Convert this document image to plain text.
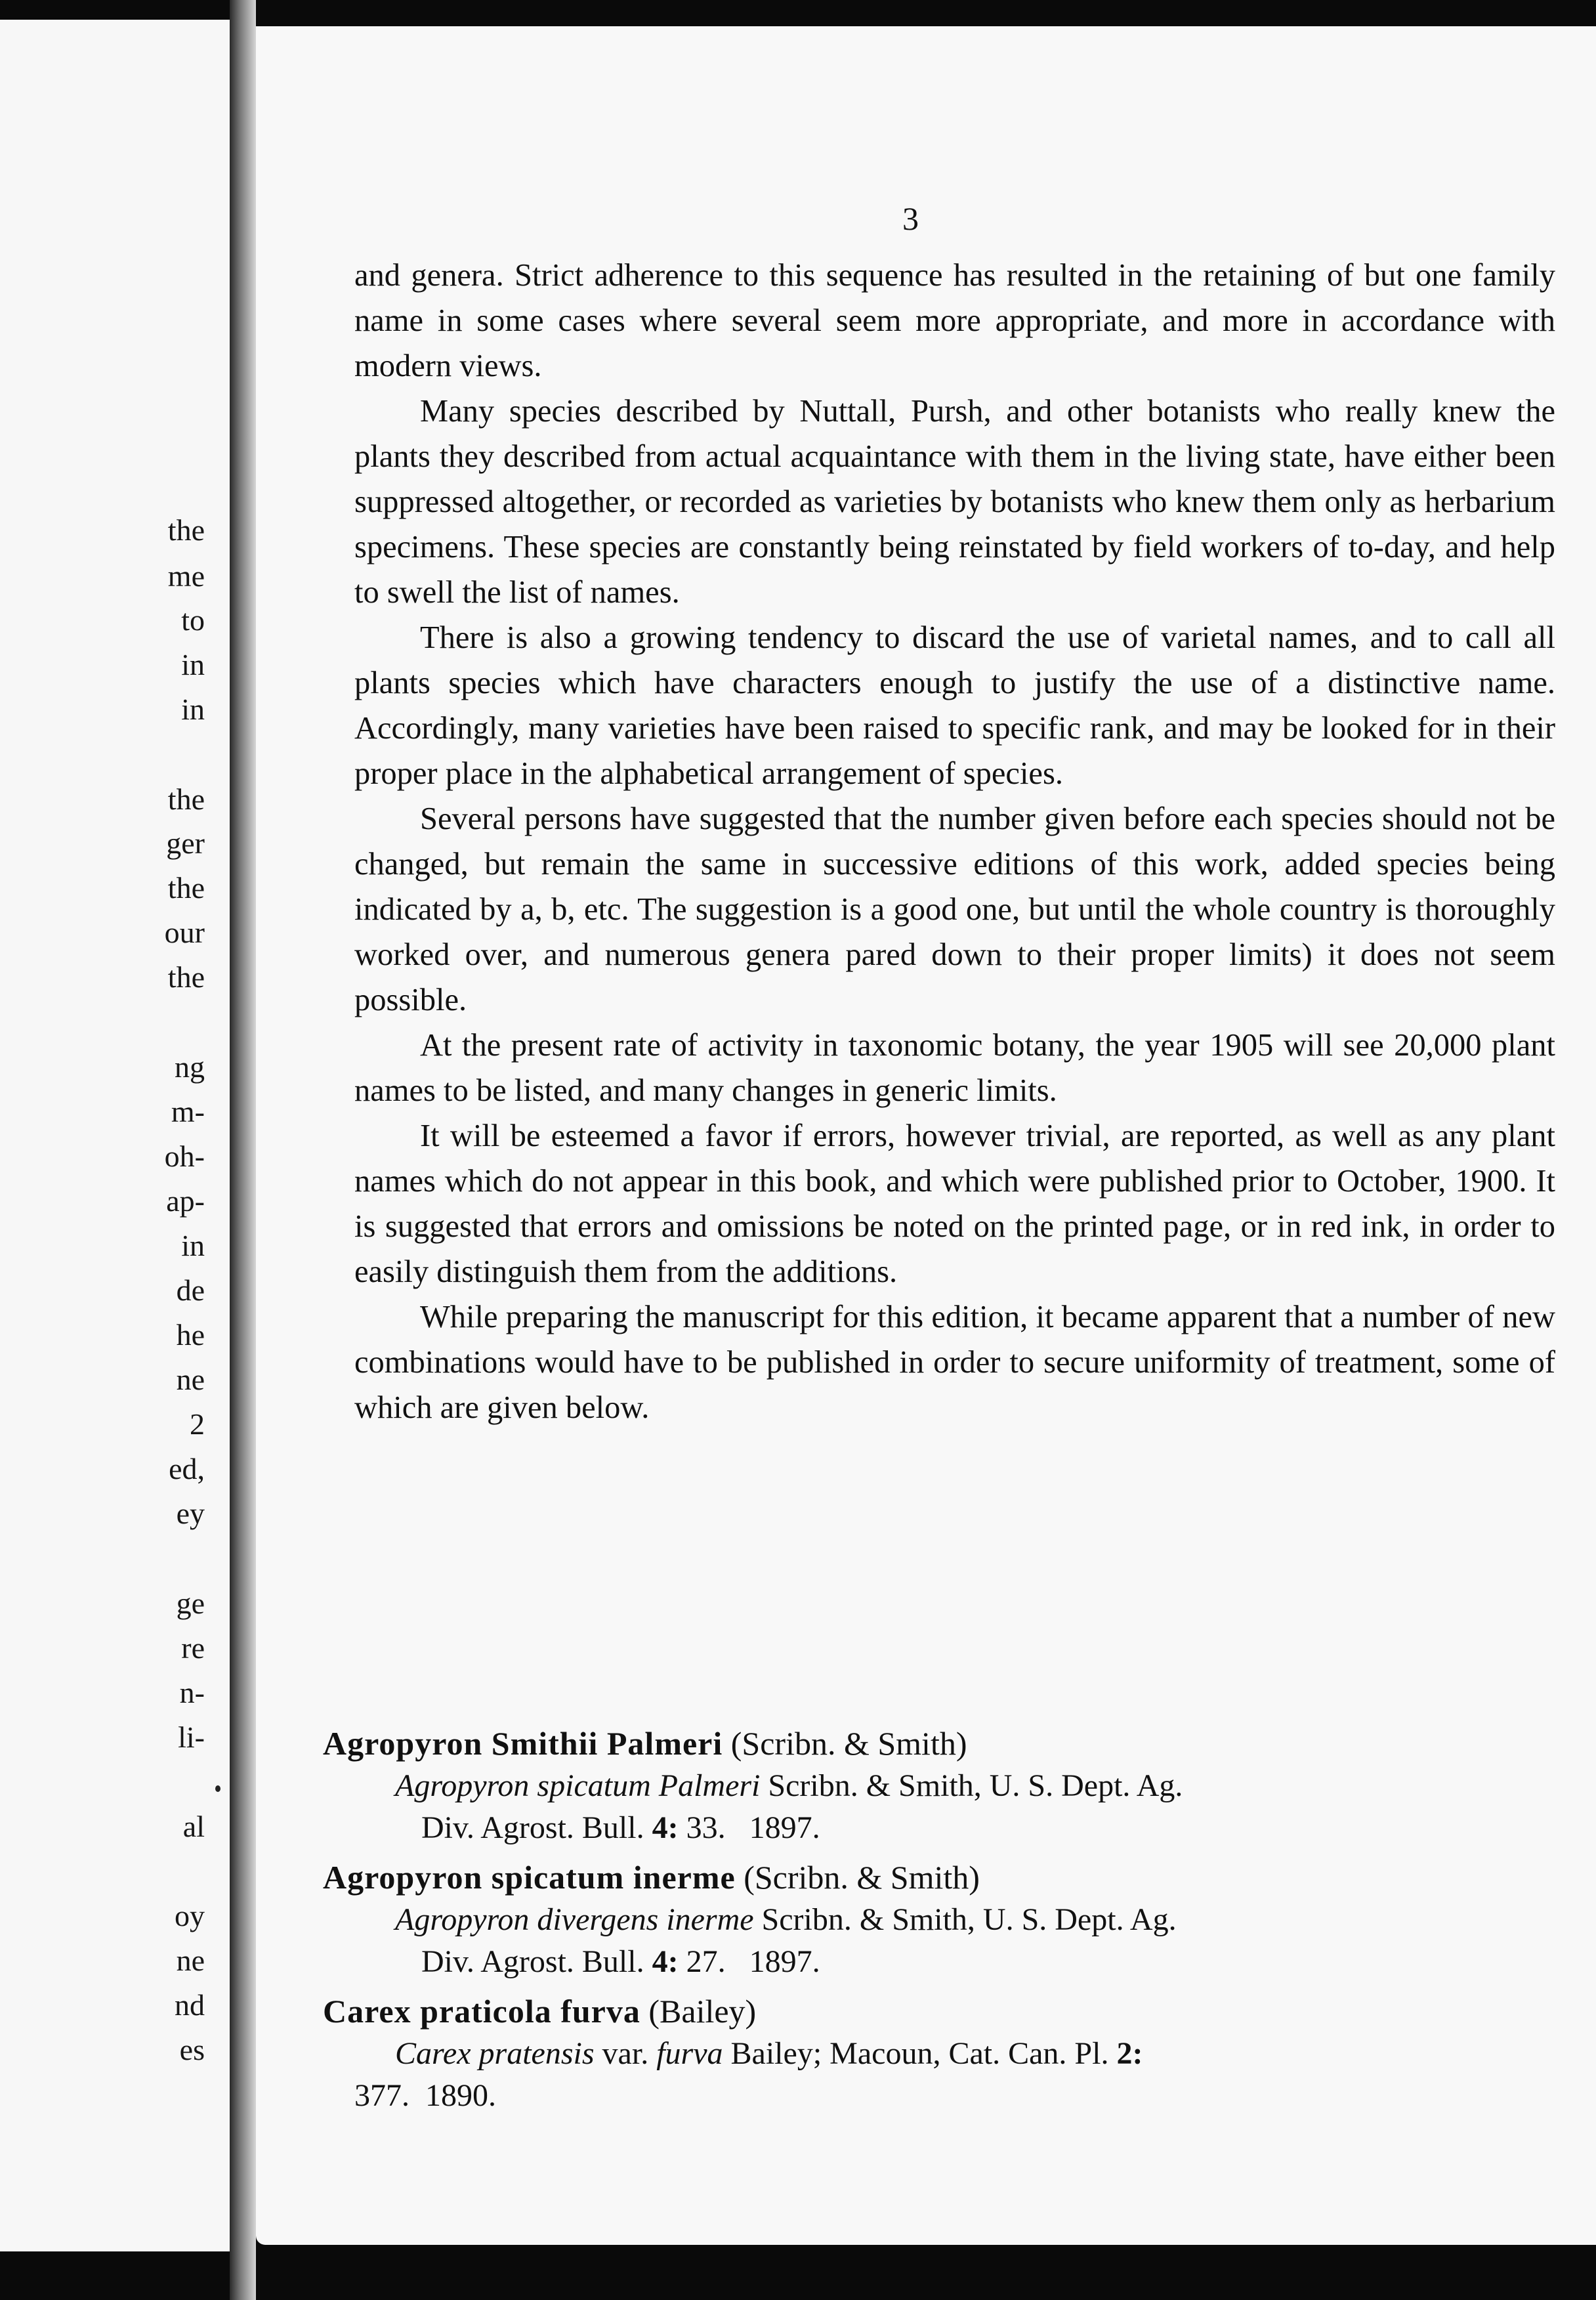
the
me
to
in
in
the
ger
the
our
the
ng
m-
oh-
ap-
in
de
he
ne
2
ed,
ey
ge
re
n-
li-
al
oy
ne
nd
es
3

and genera. Strict adherence to this sequence has resulted in the retaining of but one family name in some cases where several seem more appropriate, and more in accordance with modern views.

Many species described by Nuttall, Pursh, and other botanists who really knew the plants they described from actual acquaintance with them in the living state, have either been suppressed altogether, or recorded as varieties by botanists who knew them only as herbarium specimens. These species are constantly being reinstated by field workers of to-day, and help to swell the list of names.

There is also a growing tendency to discard the use of varietal names, and to call all plants species which have characters enough to justify the use of a distinctive name. Accordingly, many varieties have been raised to specific rank, and may be looked for in their proper place in the alphabetical arrangement of species.

Several persons have suggested that the number given before each species should not be changed, but remain the same in successive editions of this work, added species being indicated by a, b, etc. The suggestion is a good one, but until the whole country is thoroughly worked over, and numerous genera pared down to their proper limits) it does not seem possible.

At the present rate of activity in taxonomic botany, the year 1905 will see 20,000 plant names to be listed, and many changes in generic limits.

It will be esteemed a favor if errors, however trivial, are reported, as well as any plant names which do not appear in this book, and which were published prior to October, 1900. It is suggested that errors and omissions be noted on the printed page, or in red ink, in order to easily distinguish them from the additions.

While preparing the manuscript for this edition, it became apparent that a number of new combinations would have to be published in order to secure uniformity of treatment, some of which are given below.

Agropyron Smithii Palmeri (Scribn. & Smith)
Agropyron spicatum Palmeri Scribn. & Smith, U. S. Dept. Ag.
Div. Agrost. Bull. 4: 33.   1897.
Agropyron spicatum inerme (Scribn. & Smith)
Agropyron divergens inerme Scribn. & Smith, U. S. Dept. Ag.
Div. Agrost. Bull. 4: 27.   1897.
Carex praticola furva (Bailey)
Carex pratensis var. furva Bailey; Macoun, Cat. Can. Pl. 2:
377.  1890.
